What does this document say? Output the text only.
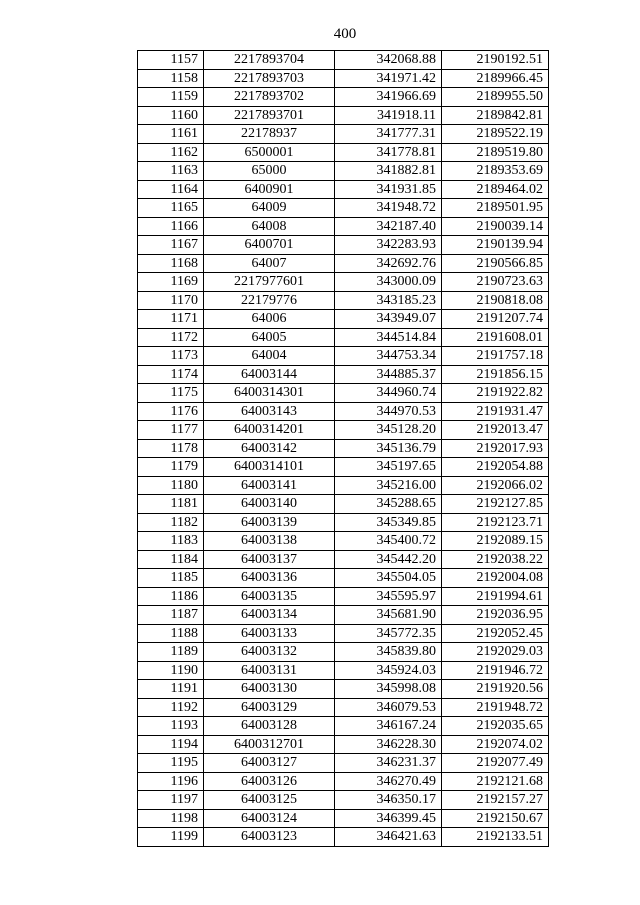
400
1157	2217893704	342068.88	2190192.51
1158	2217893703	341971.42	2189966.45
1159	2217893702	341966.69	2189955.50
1160	2217893701	341918.11	2189842.81
1161	22178937	341777.31	2189522.19
1162	6500001	341778.81	2189519.80
1163	65000	341882.81	2189353.69
1164	6400901	341931.85	2189464.02
1165	64009	341948.72	2189501.95
1166	64008	342187.40	2190039.14
1167	6400701	342283.93	2190139.94
1168	64007	342692.76	2190566.85
1169	2217977601	343000.09	2190723.63
1170	22179776	343185.23	2190818.08
1171	64006	343949.07	2191207.74
1172	64005	344514.84	2191608.01
1173	64004	344753.34	2191757.18
1174	64003144	344885.37	2191856.15
1175	6400314301	344960.74	2191922.82
1176	64003143	344970.53	2191931.47
1177	6400314201	345128.20	2192013.47
1178	64003142	345136.79	2192017.93
1179	6400314101	345197.65	2192054.88
1180	64003141	345216.00	2192066.02
1181	64003140	345288.65	2192127.85
1182	64003139	345349.85	2192123.71
1183	64003138	345400.72	2192089.15
1184	64003137	345442.20	2192038.22
1185	64003136	345504.05	2192004.08
1186	64003135	345595.97	2191994.61
1187	64003134	345681.90	2192036.95
1188	64003133	345772.35	2192052.45
1189	64003132	345839.80	2192029.03
1190	64003131	345924.03	2191946.72
1191	64003130	345998.08	2191920.56
1192	64003129	346079.53	2191948.72
1193	64003128	346167.24	2192035.65
1194	6400312701	346228.30	2192074.02
1195	64003127	346231.37	2192077.49
1196	64003126	346270.49	2192121.68
1197	64003125	346350.17	2192157.27
1198	64003124	346399.45	2192150.67
1199	64003123	346421.63	2192133.51
